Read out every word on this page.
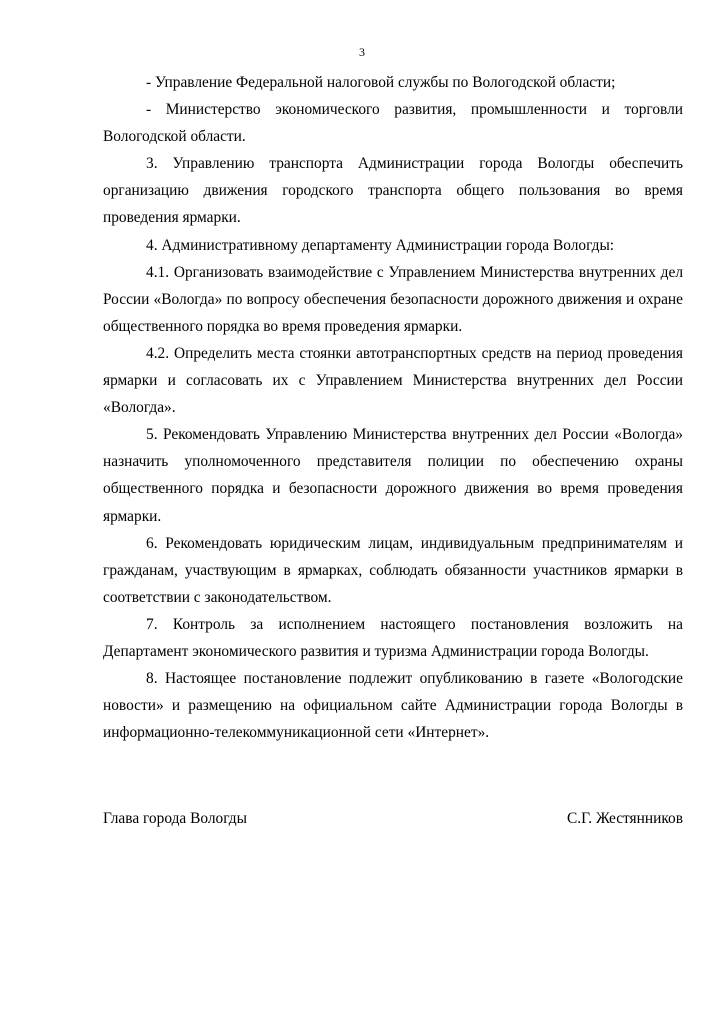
3

- Управление Федеральной налоговой службы по Вологодской области;

- Министерство экономического развития, промышленности и торговли Вологодской области.

3. Управлению транспорта Администрации города Вологды обеспечить организацию движения городского транспорта общего пользования во время проведения ярмарки.

4. Административному департаменту Администрации города Вологды:

4.1. Организовать взаимодействие с Управлением Министерства внутренних дел России «Вологда» по вопросу обеспечения безопасности дорожного движения и охране общественного порядка во время проведения ярмарки.

4.2. Определить места стоянки автотранспортных средств на период проведения ярмарки и согласовать их с Управлением Министерства внутренних дел России «Вологда».

5. Рекомендовать Управлению Министерства внутренних дел России «Вологда» назначить уполномоченного представителя полиции по обеспечению охраны общественного порядка и безопасности дорожного движения во время проведения ярмарки.

6. Рекомендовать юридическим лицам, индивидуальным предпринимателям и гражданам, участвующим в ярмарках, соблюдать обязанности участников ярмарки в соответствии с законодательством.

7. Контроль за исполнением настоящего постановления возложить на Департамент экономического развития и туризма Администрации города Вологды.

8. Настоящее постановление подлежит опубликованию в газете «Вологодские новости» и размещению на официальном сайте Администрации города Вологды в информационно-телекоммуникационной сети «Интернет».

Глава города Вологды	С.Г. Жестянников
